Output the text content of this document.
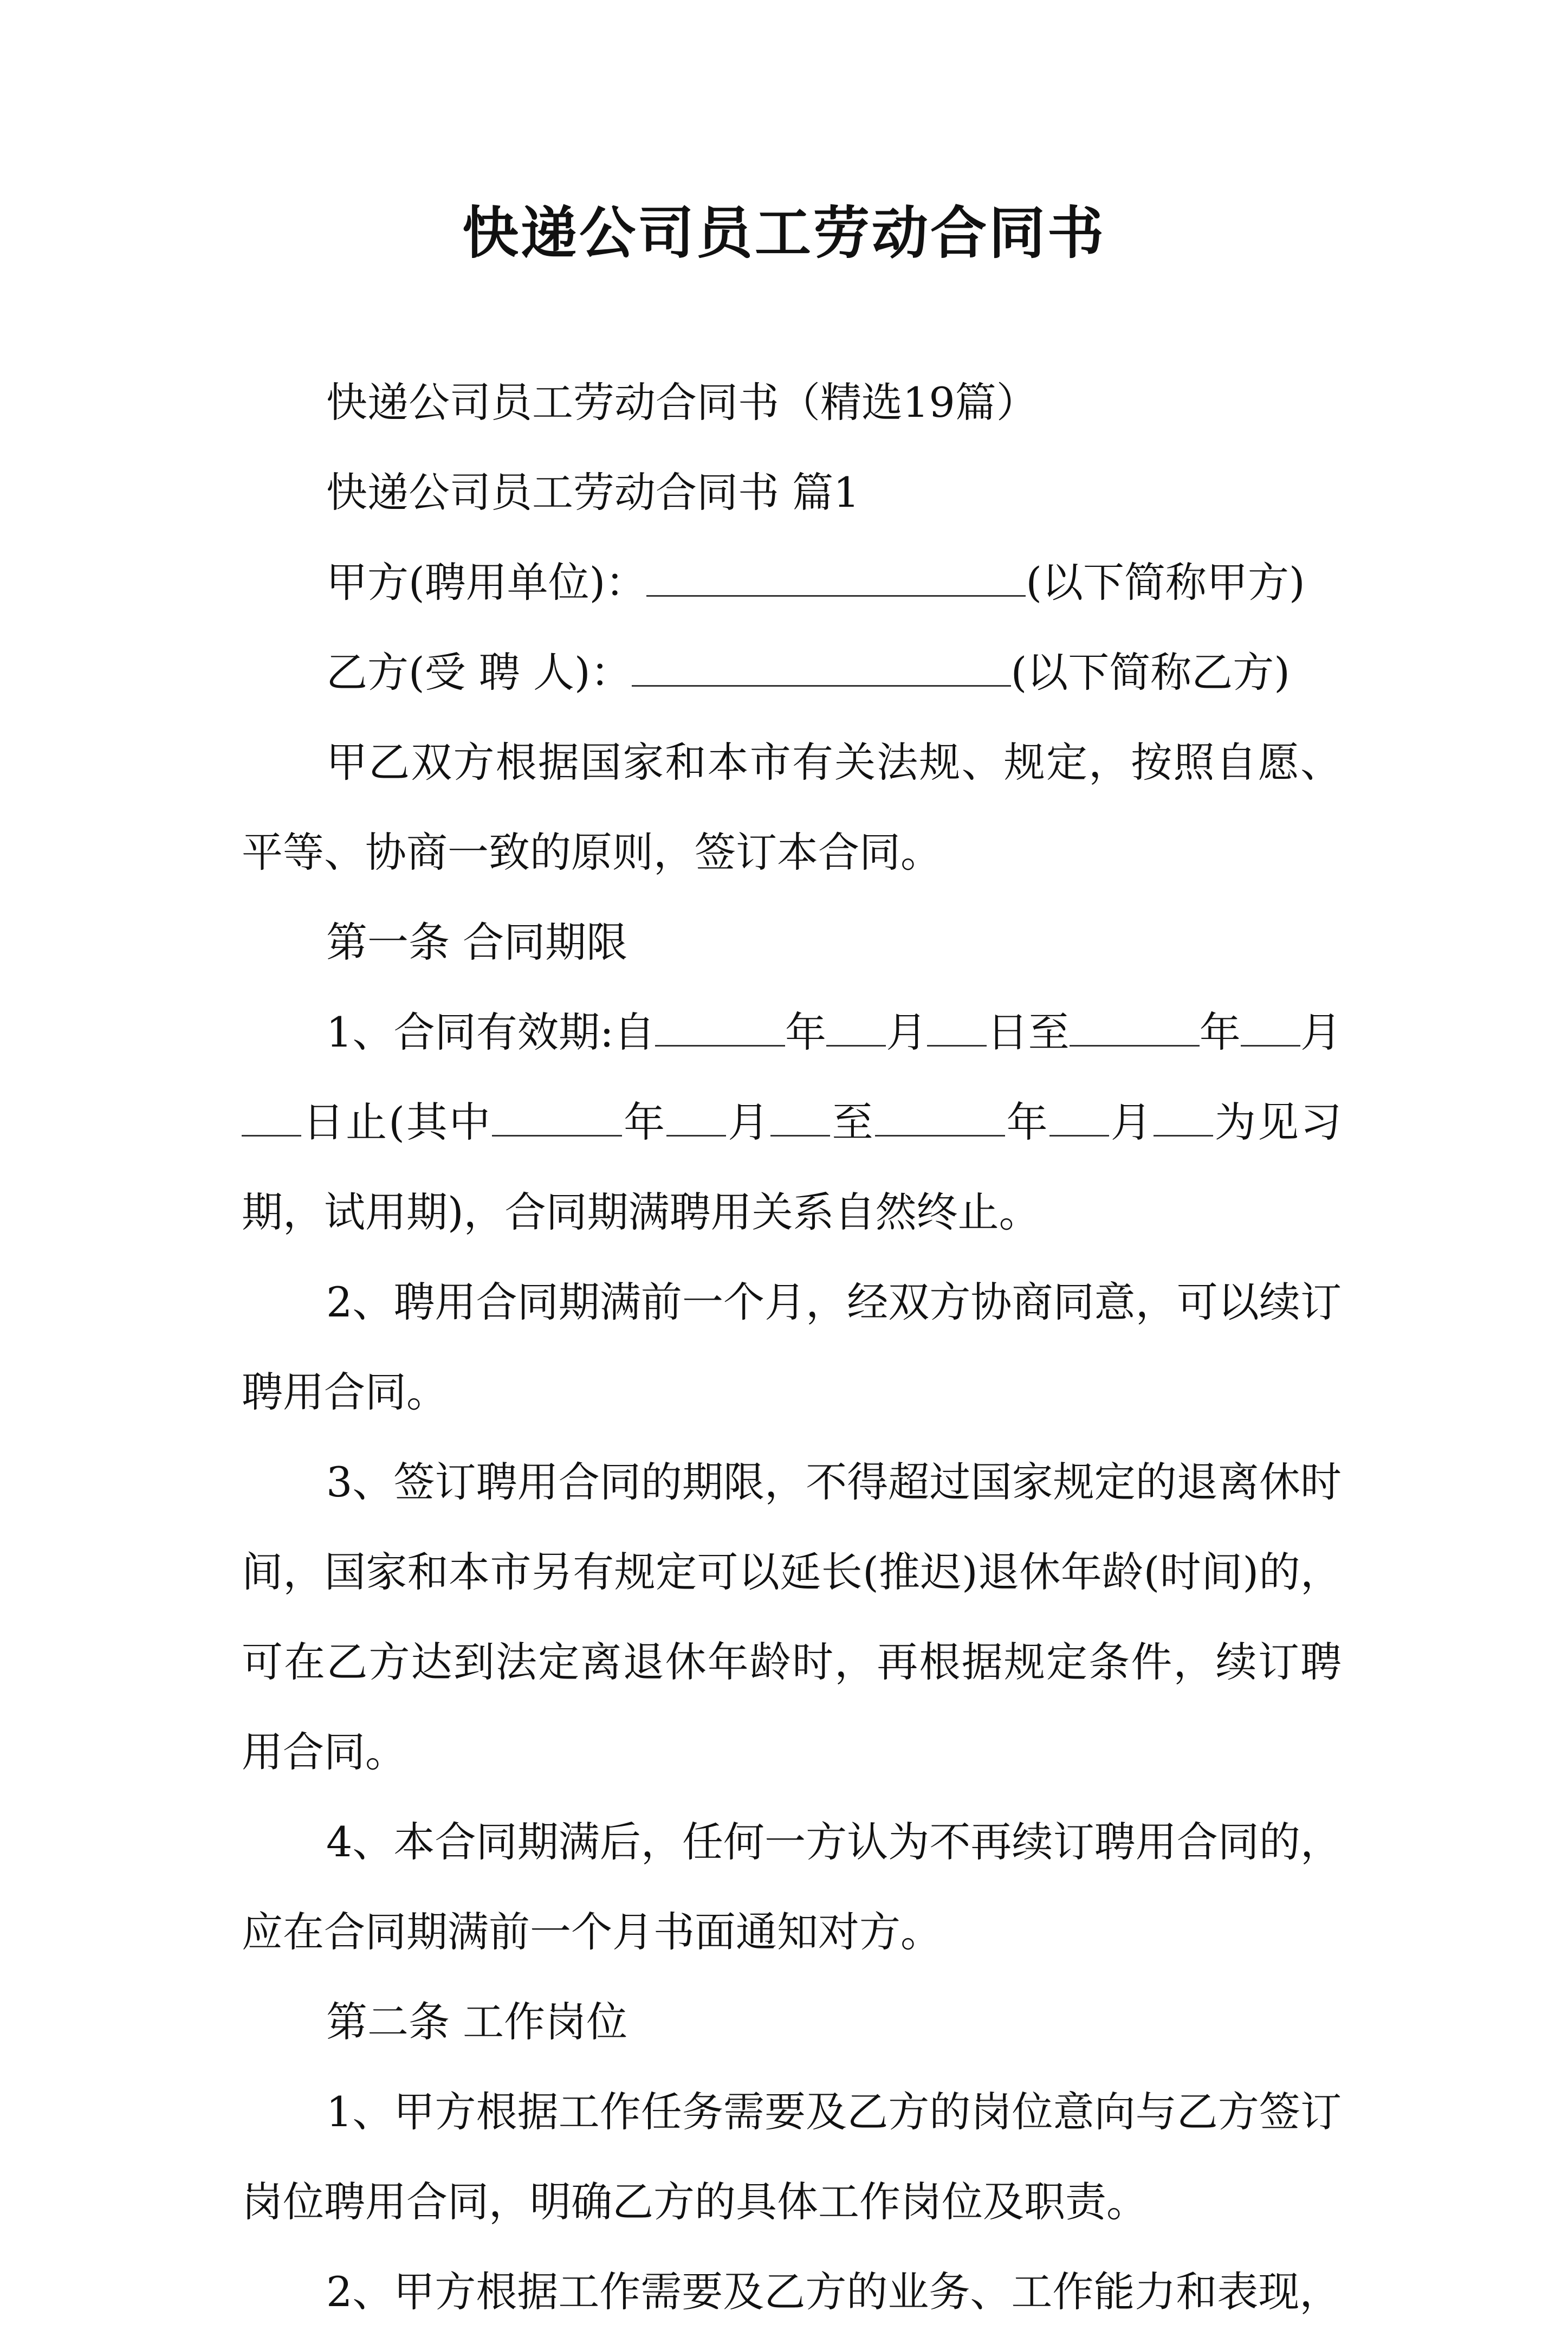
快递公司员工劳动合同书

快递公司员工劳动合同书（精选19篇）

快递公司员工劳动合同书 篇1

甲方(聘用单位)：	(以下简称甲方)

乙方(受 聘 人)：	(以下简称乙方)

甲乙双方根据国家和本市有关法规、规定，按照自愿、平等、协商一致的原则，签订本合同。

第一条 合同期限

1、合同有效期:自	年 月 日至	年 月日止(其中	年 月 至	年 月 为见习期，试用期)，合同期满聘用关系自然终止。

2、聘用合同期满前一个月，经双方协商同意，可以续订聘用合同。

3、签订聘用合同的期限，不得超过国家规定的退离休时间，国家和本市另有规定可以延长(推迟)退休年龄(时间)的，可在乙方达到法定离退休年龄时，再根据规定条件，续订聘用合同。

4、本合同期满后，任何一方认为不再续订聘用合同的，应在合同期满前一个月书面通知对方。

第二条 工作岗位

1、甲方根据工作任务需要及乙方的岗位意向与乙方签订岗位聘用合同，明确乙方的具体工作岗位及职责。

2、甲方根据工作需要及乙方的业务、工作能力和表现，
